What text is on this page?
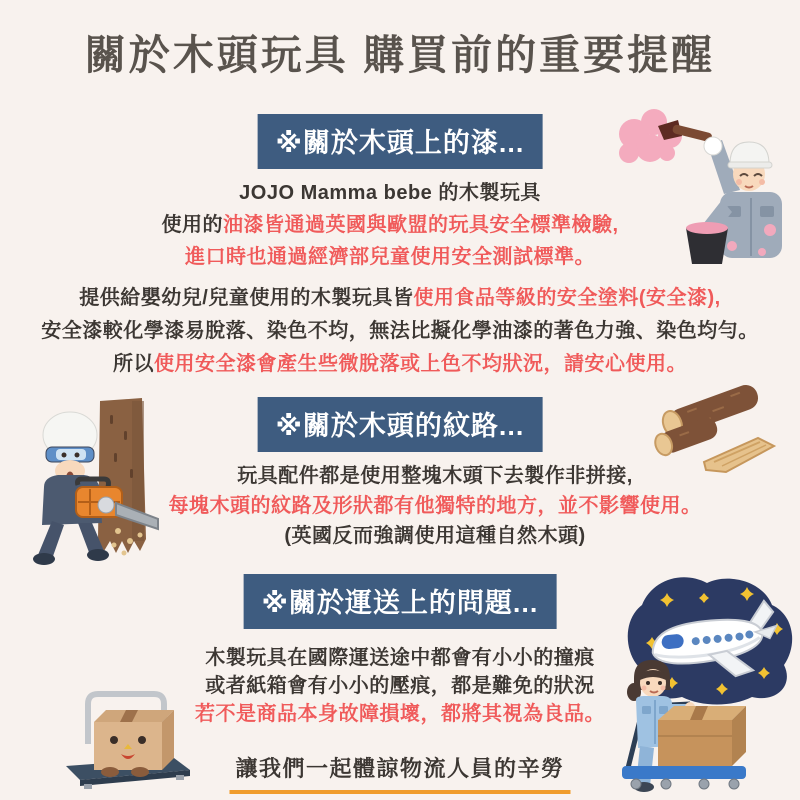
關於木頭玩具 購買前的重要提醒
※關於木頭上的漆...
JOJO Mamma bebe 的木製玩具
使用的油漆皆通過英國與歐盟的玩具安全標準檢驗,
進口時也通過經濟部兒童使用安全測試標準。
提供給嬰幼兒/兒童使用的木製玩具皆使用食品等級的安全塗料(安全漆),
安全漆較化學漆易脫落、染色不均，無法比擬化學油漆的著色力強、染色均勻。
所以使用安全漆會產生些微脫落或上色不均狀況，請安心使用。
※關於木頭的紋路...
玩具配件都是使用整塊木頭下去製作非拼接,
每塊木頭的紋路及形狀都有他獨特的地方，並不影響使用。
(英國反而強調使用這種自然木頭)
※關於運送上的問題...
木製玩具在國際運送途中都會有小小的撞痕
或者紙箱會有小小的壓痕，都是難免的狀況
若不是商品本身故障損壞，都將其視為良品。
讓我們一起體諒物流人員的辛勞
